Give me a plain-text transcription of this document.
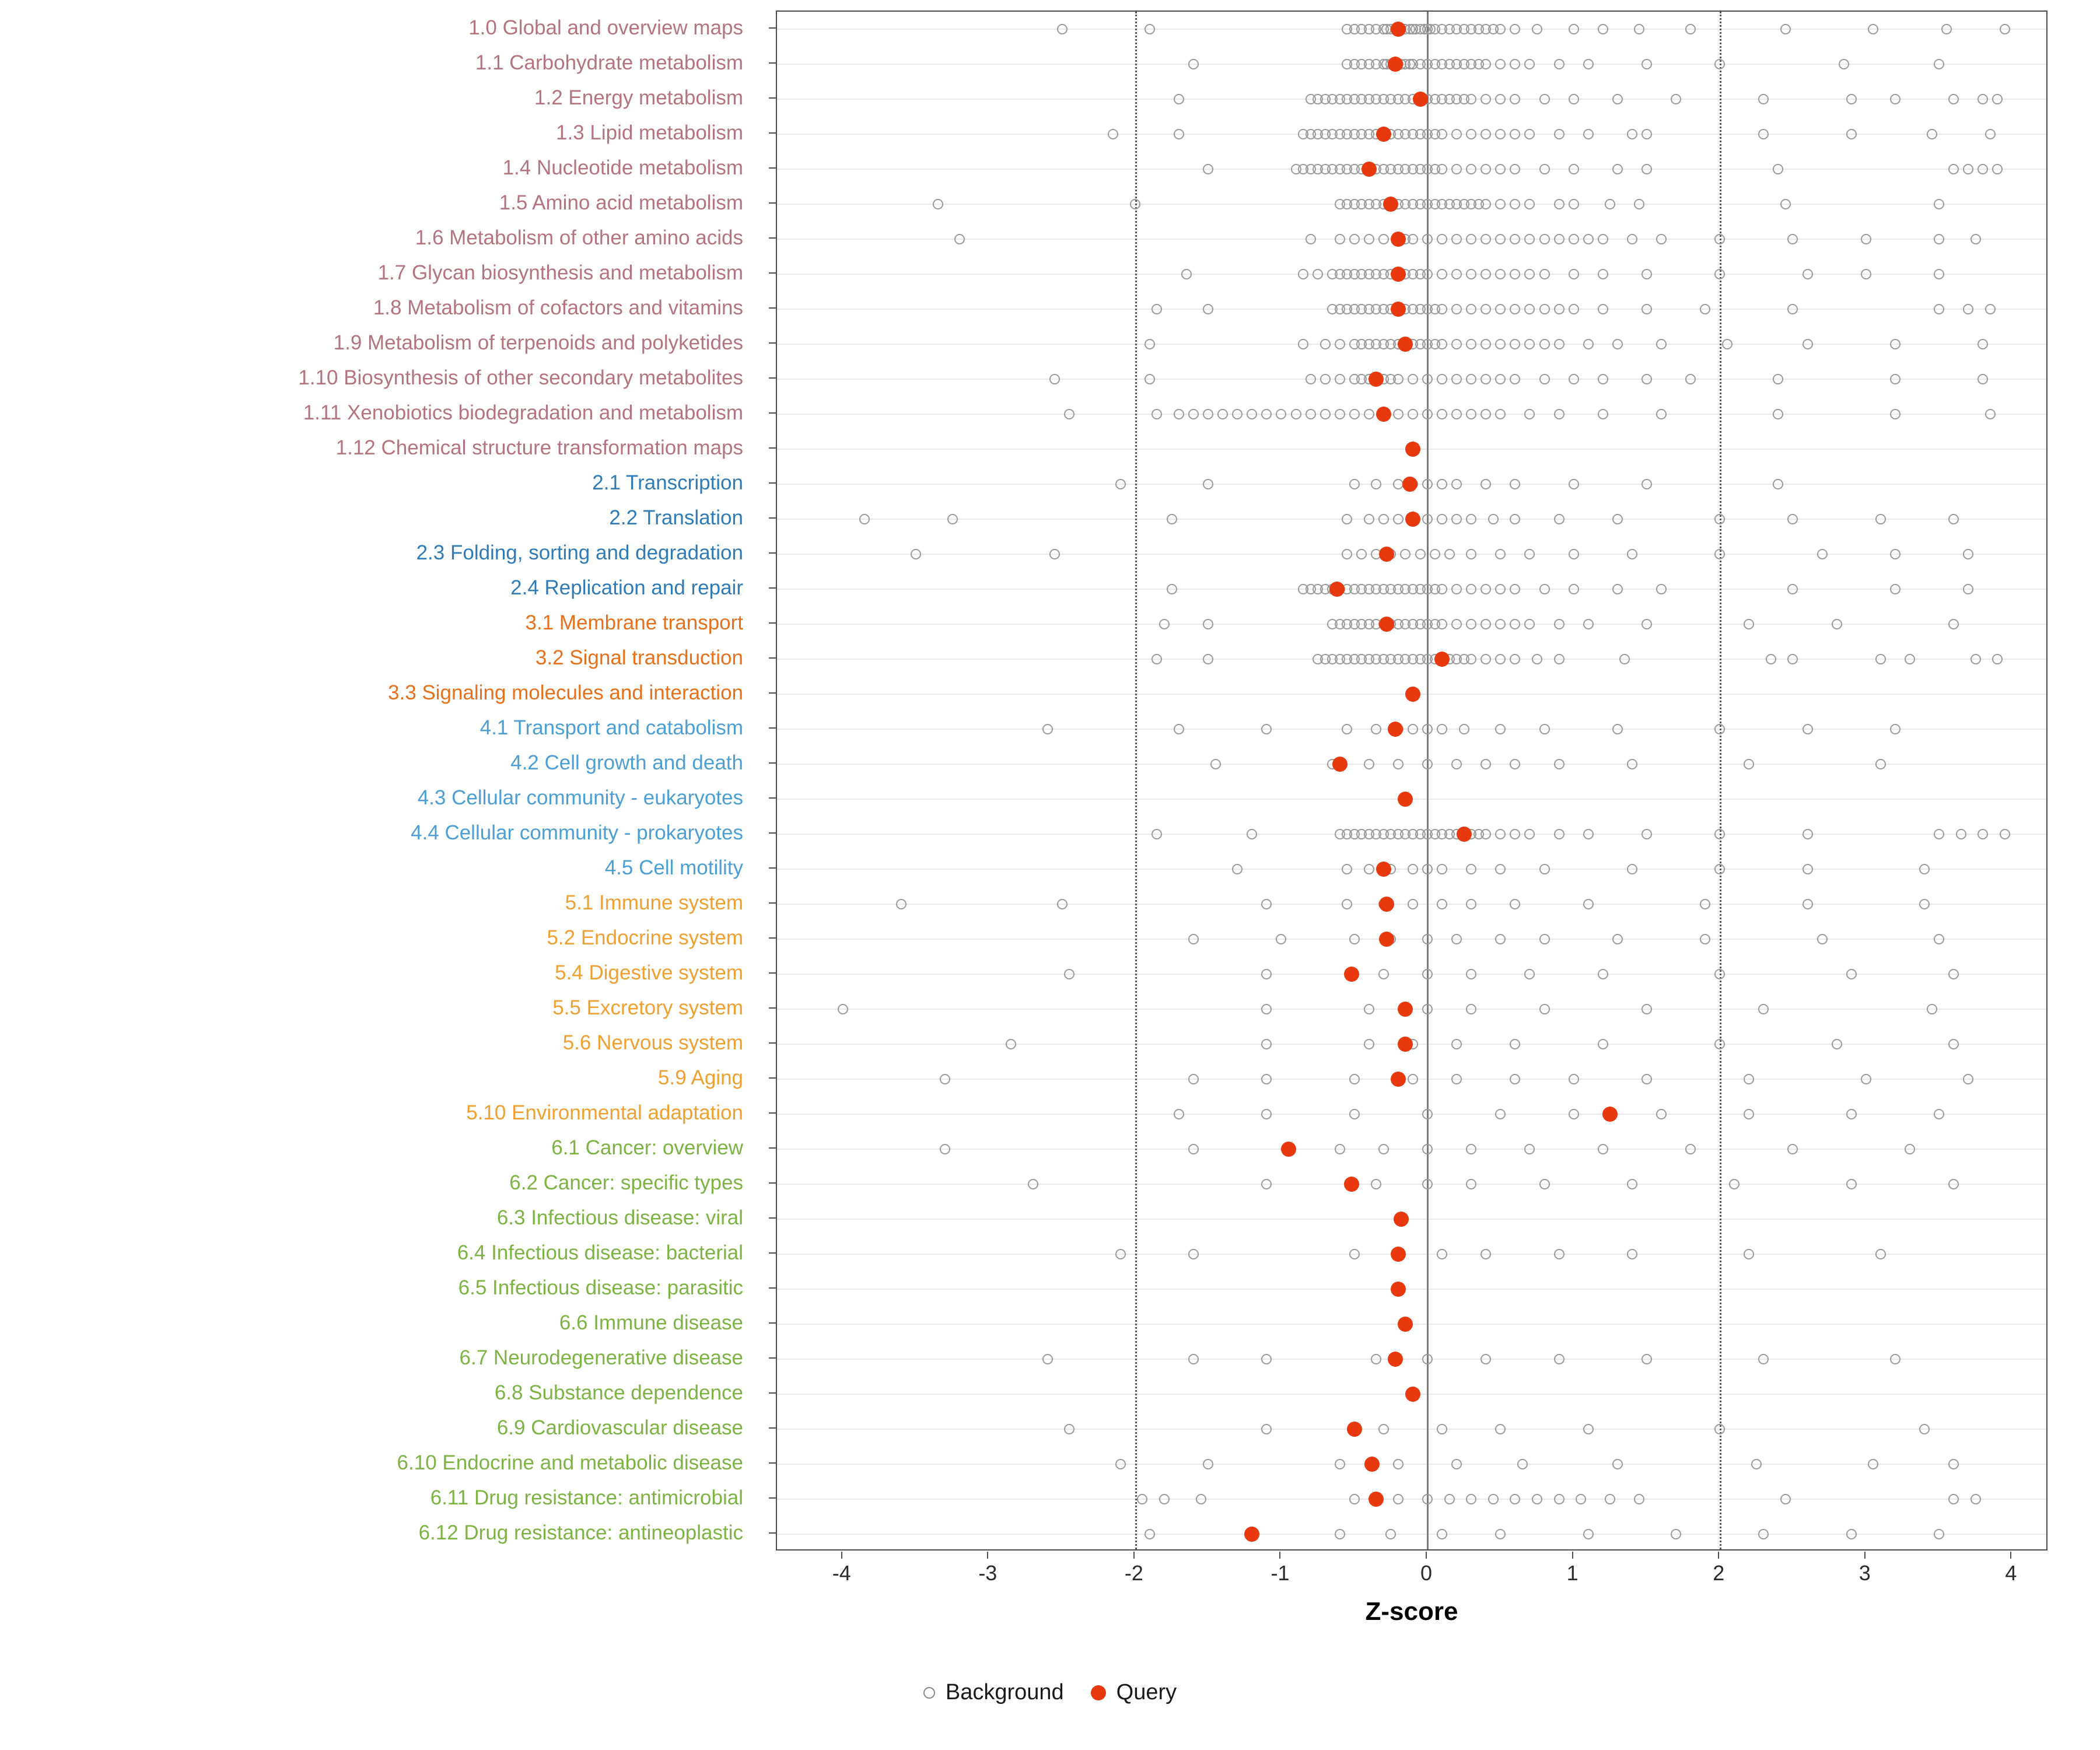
1.0 Global and overview maps
1.1 Carbohydrate metabolism
1.2 Energy metabolism
1.3 Lipid metabolism
1.4 Nucleotide metabolism
1.5 Amino acid metabolism
1.6 Metabolism of other amino acids
1.7 Glycan biosynthesis and metabolism
1.8 Metabolism of cofactors and vitamins
1.9 Metabolism of terpenoids and polyketides
1.10 Biosynthesis of other secondary metabolites
1.11 Xenobiotics biodegradation and metabolism
1.12 Chemical structure transformation maps
2.1 Transcription
2.2 Translation
2.3 Folding, sorting and degradation
2.4 Replication and repair
3.1 Membrane transport
3.2 Signal transduction
3.3 Signaling molecules and interaction
4.1 Transport and catabolism
4.2 Cell growth and death
4.3 Cellular community - eukaryotes
4.4 Cellular community - prokaryotes
4.5 Cell motility
5.1 Immune system
5.2 Endocrine system
5.4 Digestive system
5.5 Excretory system
5.6 Nervous system
5.9 Aging
5.10 Environmental adaptation
6.1 Cancer: overview
6.2 Cancer: specific types
6.3 Infectious disease: viral
6.4 Infectious disease: bacterial
6.5 Infectious disease: parasitic
6.6 Immune disease
6.7 Neurodegenerative disease
6.8 Substance dependence
6.9 Cardiovascular disease
6.10 Endocrine and metabolic disease
6.11 Drug resistance: antimicrobial
6.12 Drug resistance: antineoplastic
-4	-3	-2	-1	0	1	2	3	4
Z-score
Background Query
